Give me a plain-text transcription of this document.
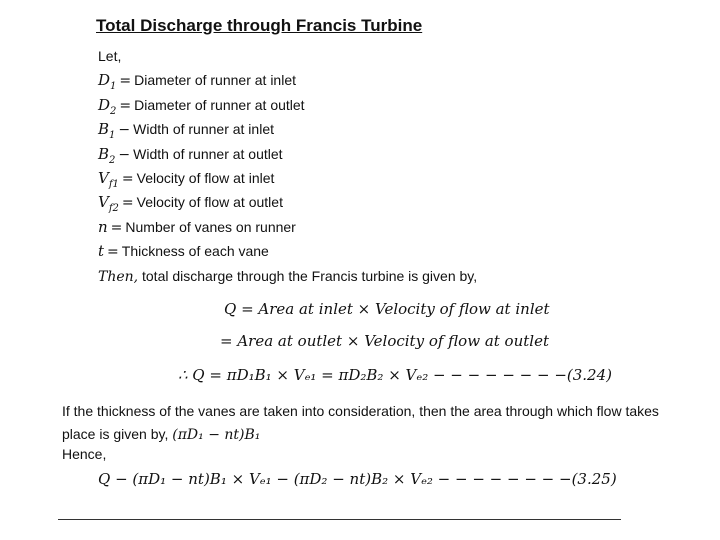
Total Discharge through Francis Turbine
Let,
$D_1$ = Diameter of runner at inlet
$D_2$ = Diameter of runner at outlet
$B_1$ − Width of runner at inlet
$B_2$ − Width of runner at outlet
$V_{f1}$ = Velocity of flow at inlet
$V_{f2}$ = Velocity of flow at outlet
n = Number of vanes on runner
t = Thickness of each vane
Then, total discharge through the Francis turbine is given by,
Q = Area at inlet × Velocity of flow at inlet
= Area at outlet × Velocity of flow at outlet
∴ Q = πD₁B₁ × Vₑ₁ = πD₂B₂ × Vₑ₂ − − − − − − − −(3.24)
If the thickness of the vanes are taken into consideration, then the area through which flow takes place is given by, (πD₁ − nt)B₁
Hence,
Q − (πD₁ − nt)B₁ × Vₑ₁ − (πD₂ − nt)B₂ × Vₑ₂ − − − − − − − −(3.25)
